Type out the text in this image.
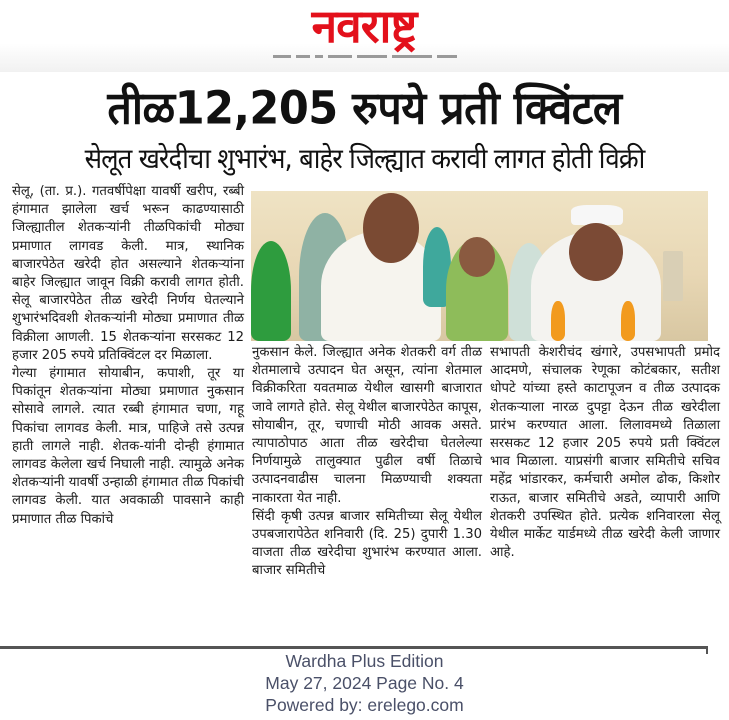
नवराष्ट्र
तीळ12,205 रुपये प्रती क्विंटल
सेलूत खरेदीचा शुभारंभ, बाहेर जिल्ह्यात करावी लागत होती विक्री

सेलू, (ता. प्र.). गतवर्षीपेक्षा यावर्षी खरीप, रब्बी हंगामात झालेला खर्च भरून काढण्यासाठी जिल्ह्यातील शेतकऱ्यांनी तीळपिकांची मोठ्या प्रमाणात लागवड केली. मात्र, स्थानिक बाजारपेठेत खरेदी होत असल्याने शेतकऱ्यांना बाहेर जिल्ह्यात जावून विक्री करावी लागत होती. सेलू बाजारपेठेत तीळ खरेदी निर्णय घेतल्याने शुभारंभदिवशी शेतकऱ्यांनी मोठ्या प्रमाणात तीळ विक्रीला आणली. 15 शेतकऱ्यांना सरसकट 12 हजार 205 रुपये प्रतिक्विंटल दर मिळाला.

गेल्या हंगामात सोयाबीन, कपाशी, तूर या पिकांतून शेतकऱ्यांना मोठ्या प्रमाणात नुकसान सोसावे लागले. त्यात रब्बी हंगामात चणा, गहू पिकांचा लागवड केली. मात्र, पाहिजे तसे उत्पन्न हाती लागले नाही. शेतक-यांनी दोन्ही हंगामात लागवड केलेला खर्च निघाली नाही. त्यामुळे अनेक शेतकऱ्यांनी यावर्षी उन्हाळी हंगामात तीळ पिकांची लागवड केली. यात अवकाळी पावसाने काही प्रमाणात तीळ पिकांचे

नुकसान केले. जिल्ह्यात अनेक शेतकरी वर्ग तीळ शेतमालाचे उत्पादन घेत असून, त्यांना शेतमाल विक्रीकरिता यवतमाळ येथील खासगी बाजारात जावे लागते होते. सेलू येथील बाजारपेठेत कापूस, सोयाबीन, तूर, चणाची मोठी आवक असते. त्यापाठोपाठ आता तीळ खरेदीचा घेतलेल्या निर्णयामुळे तालुक्यात पुढील वर्षी तिळाचे उत्पादनवाढीस चालना मिळण्याची शक्यता नाकारता येत नाही.

सिंदी कृषी उत्पन्न बाजार समितीच्या सेलू येथील उपबजारापेठेत शनिवारी (दि. 25) दुपारी 1.30 वाजता तीळ खरेदीचा शुभारंभ करण्यात आला. बाजार समितीचे

सभापती केशरीचंद खंगारे, उपसभापती प्रमोद आदमणे, संचालक रेणूका कोटंबकार, सतीश धोपटे यांच्या हस्ते काटापूजन व तीळ उत्पादक शेतकऱ्याला नारळ दुपट्टा देऊन तीळ खरेदीला प्रारंभ करण्यात आला. लिलावमध्ये तिळाला सरसकट 12 हजार 205 रुपये प्रती क्विंटल भाव मिळाला. याप्रसंगी बाजार समितीचे सचिव महेंद्र भांडारकर, कर्मचारी अमोल ढोक, किशोर राऊत, बाजार समितीचे अडते, व्यापारी आणि शेतकरी उपस्थित होते. प्रत्येक शनिवारला सेलू येथील मार्केट यार्डमध्ये तीळ खरेदी केली जाणार आहे.

Wardha Plus Edition
May 27, 2024 Page No. 4
Powered by: erelego.com
